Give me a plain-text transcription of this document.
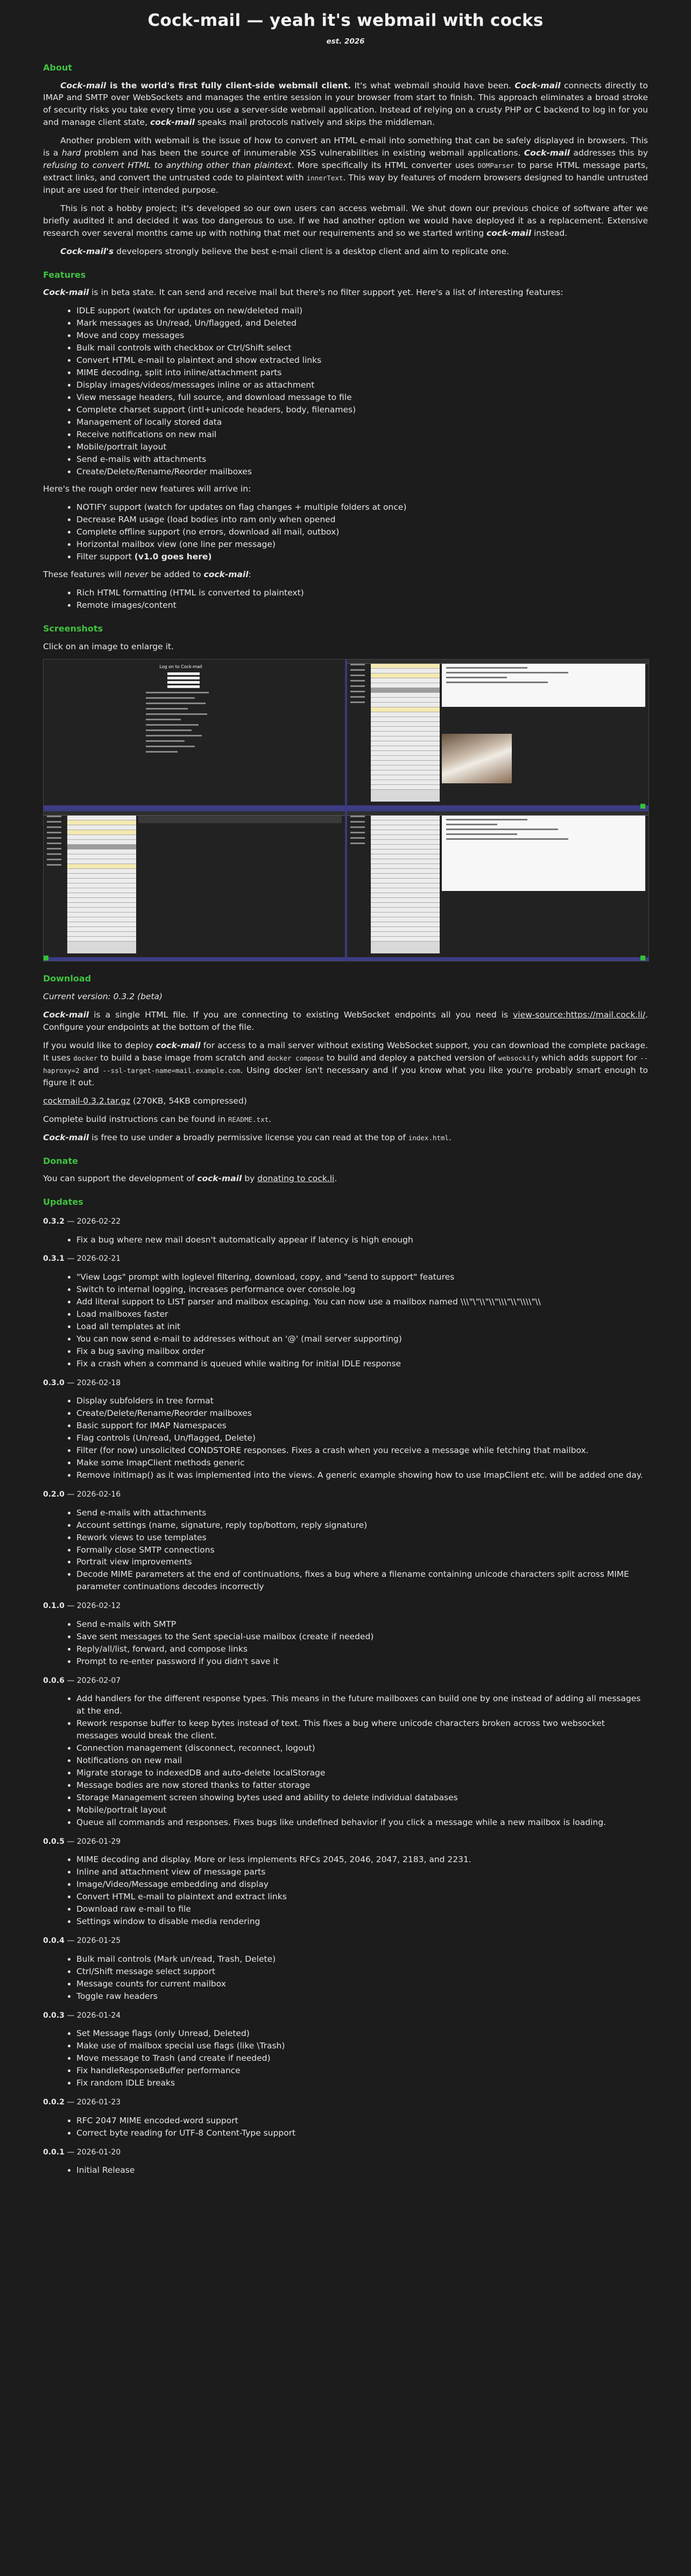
Cock-mail — yeah it's webmail with cocks
est. 2026
About

Cock-mail is the world's first fully client-side webmail client. It's what webmail should have been. Cock-mail connects directly to IMAP and SMTP over WebSockets and manages the entire session in your browser from start to finish. This approach eliminates a broad stroke of security risks you take every time you use a server-side webmail application. Instead of relying on a crusty PHP or C backend to log in for you and manage client state, cock-mail speaks mail protocols natively and skips the middleman.

Another problem with webmail is the issue of how to convert an HTML e-mail into something that can be safely displayed in browsers. This is a hard problem and has been the source of innumerable XSS vulnerabilities in existing webmail applications. Cock-mail addresses this by refusing to convert HTML to anything other than plaintext. More specifically its HTML converter uses DOMParser to parse HTML message parts, extract links, and convert the untrusted code to plaintext with innerText. This way by features of modern browsers designed to handle untrusted input are used for their intended purpose.

This is not a hobby project; it's developed so our own users can access webmail. We shut down our previous choice of software after we briefly audited it and decided it was too dangerous to use. If we had another option we would have deployed it as a replacement. Extensive research over several months came up with nothing that met our requirements and so we started writing cock-mail instead.

Cock-mail's developers strongly believe the best e-mail client is a desktop client and aim to replicate one.

Features

Cock-mail is in beta state. It can send and receive mail but there's no filter support yet. Here's a list of interesting features:

• IDLE support (watch for updates on new/deleted mail)
• Mark messages as Un/read, Un/flagged, and Deleted
• Move and copy messages
• Bulk mail controls with checkbox or Ctrl/Shift select
• Convert HTML e-mail to plaintext and show extracted links
• MIME decoding, split into inline/attachment parts
• Display images/videos/messages inline or as attachment
• View message headers, full source, and download message to file
• Complete charset support (intl+unicode headers, body, filenames)
• Management of locally stored data
• Receive notifications on new mail
• Mobile/portrait layout
• Send e-mails with attachments
• Create/Delete/Rename/Reorder mailboxes

Here's the rough order new features will arrive in:

• NOTIFY support (watch for updates on flag changes + multiple folders at once)
• Decrease RAM usage (load bodies into ram only when opened
• Complete offline support (no errors, download all mail, outbox)
• Horizontal mailbox view (one line per message)
• Filter support (v1.0 goes here)

These features will never be added to cock-mail:

• Rich HTML formatting (HTML is converted to plaintext)
• Remote images/content
Screenshots

Click on an image to enlarge it.

Log on to Cock-mail
Download

Current version: 0.3.2 (beta)

Cock-mail is a single HTML file. If you are connecting to existing WebSocket endpoints all you need is view-source:https://mail.cock.li/. Configure your endpoints at the bottom of the file.

If you would like to deploy cock-mail for access to a mail server without existing WebSocket support, you can download the complete package. It uses docker to build a base image from scratch and docker compose to build and deploy a patched version of websockify which adds support for --haproxy=2 and --ssl-target-name=mail.example.com. Using docker isn't necessary and if you know what you like you're probably smart enough to figure it out.

cockmail-0.3.2.tar.gz (270KB, 54KB compressed)

Complete build instructions can be found in README.txt.

Cock-mail is free to use under a broadly permissive license you can read at the top of index.html.

Donate

You can support the development of cock-mail by donating to cock.li.

Updates
0.3.2 — 2026-02-22
• Fix a bug where new mail doesn't automatically appear if latency is high enough
0.3.1 — 2026-02-21
• "View Logs" prompt with loglevel filtering, download, copy, and "send to support" features
• Switch to internal logging, increases performance over console.log
• Add literal support to LIST parser and mailbox escaping. You can now use a mailbox named \\\"\"\\"\\"\\\"\\"\\\\"\\
• Load mailboxes faster
• Load all templates at init
• You can now send e-mail to addresses without an '@' (mail server supporting)
• Fix a bug saving mailbox order
• Fix a crash when a command is queued while waiting for initial IDLE response
0.3.0 — 2026-02-18
• Display subfolders in tree format
• Create/Delete/Rename/Reorder mailboxes
• Basic support for IMAP Namespaces
• Flag controls (Un/read, Un/flagged, Delete)
• Filter (for now) unsolicited CONDSTORE responses. Fixes a crash when you receive a message while fetching that mailbox.
• Make some ImapClient methods generic
• Remove initImap() as it was implemented into the views. A generic example showing how to use ImapClient etc. will be added one day.
0.2.0 — 2026-02-16
• Send e-mails with attachments
• Account settings (name, signature, reply top/bottom, reply signature)
• Rework views to use templates
• Formally close SMTP connections
• Portrait view improvements
• Decode MIME parameters at the end of continuations, fixes a bug where a filename containing unicode characters split across MIME parameter continuations decodes incorrectly
0.1.0 — 2026-02-12
• Send e-mails with SMTP
• Save sent messages to the Sent special-use mailbox (create if needed)
• Reply/all/list, forward, and compose links
• Prompt to re-enter password if you didn't save it
0.0.6 — 2026-02-07
• Add handlers for the different response types. This means in the future mailboxes can build one by one instead of adding all messages at the end.
• Rework response buffer to keep bytes instead of text. This fixes a bug where unicode characters broken across two websocket messages would break the client.
• Connection management (disconnect, reconnect, logout)
• Notifications on new mail
• Migrate storage to indexedDB and auto-delete localStorage
• Message bodies are now stored thanks to fatter storage
• Storage Management screen showing bytes used and ability to delete individual databases
• Mobile/portrait layout
• Queue all commands and responses. Fixes bugs like undefined behavior if you click a message while a new mailbox is loading.
0.0.5 — 2026-01-29
• MIME decoding and display. More or less implements RFCs 2045, 2046, 2047, 2183, and 2231.
• Inline and attachment view of message parts
• Image/Video/Message embedding and display
• Convert HTML e-mail to plaintext and extract links
• Download raw e-mail to file
• Settings window to disable media rendering
0.0.4 — 2026-01-25
• Bulk mail controls (Mark un/read, Trash, Delete)
• Ctrl/Shift message select support
• Message counts for current mailbox
• Toggle raw headers
0.0.3 — 2026-01-24
• Set Message flags (only Unread, Deleted)
• Make use of mailbox special use flags (like \Trash)
• Move message to Trash (and create if needed)
• Fix handleResponseBuffer performance
• Fix random IDLE breaks
0.0.2 — 2026-01-23
• RFC 2047 MIME encoded-word support
• Correct byte reading for UTF-8 Content-Type support
0.0.1 — 2026-01-20
• Initial Release
